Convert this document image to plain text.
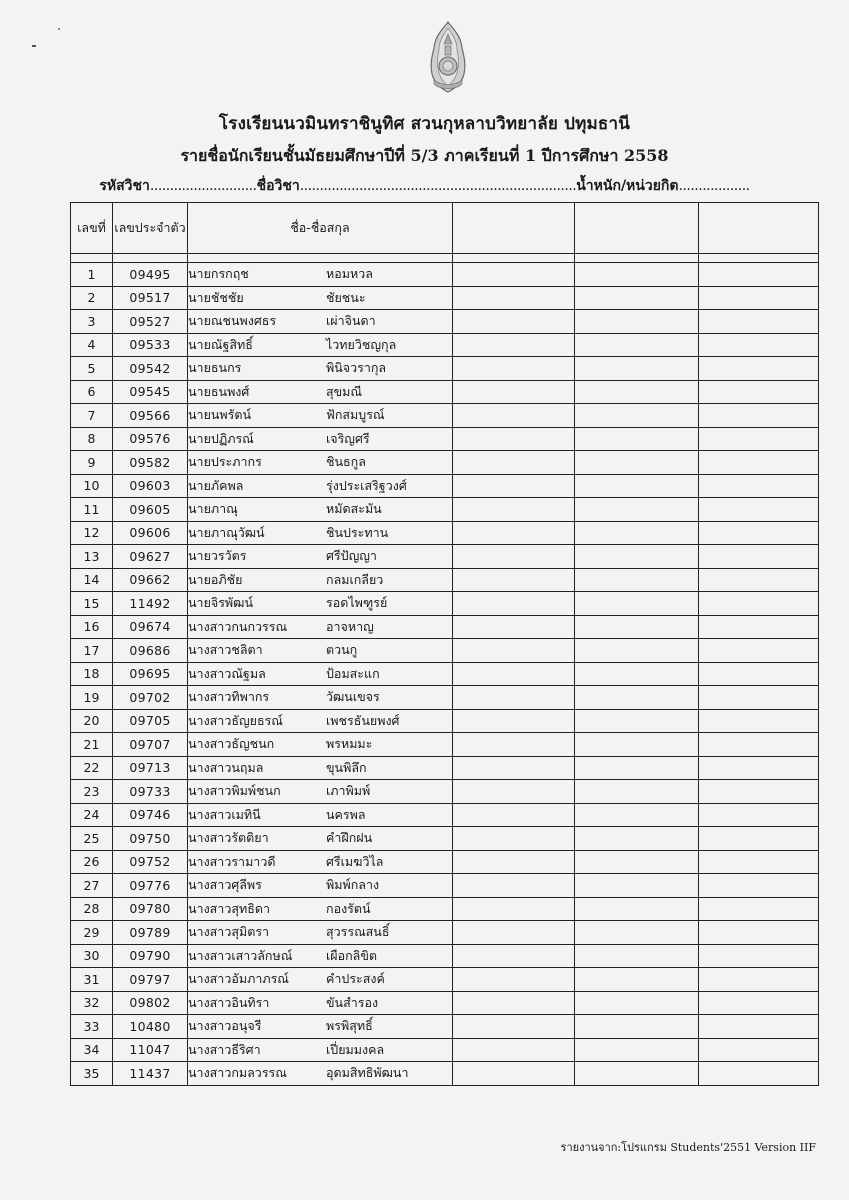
โรงเรียนนวมินทราชินูทิศ สวนกุหลาบวิทยาลัย ปทุมธานี
รายชื่อนักเรียนชั้นมัธยมศึกษาปีที่ 5/3 ภาคเรียนที่ 1 ปีการศึกษา 2558
รหัสวิชา...........................ชื่อวิชา......................................................................น้ำหนัก/หน่วยกิต..................
เลขที่	เลขประจำตัว	ชื่อ-ชื่อสกุล			

1	09495	นายกรกฤช หอมหวล			
2	09517	นายชัชชัย ชัยชนะ			
3	09527	นายณชนพงศธร เผ่าจินดา			
4	09533	นายณัฐสิทธิ์ ไวทยวิชญกุล			
5	09542	นายธนกร พินิจวรากุล			
6	09545	นายธนพงศ์ สุขมณี			
7	09566	นายนพรัตน์ ฟักสมบูรณ์			
8	09576	นายปฏิภรณ์ เจริญศรี			
9	09582	นายประภากร ชินธกูล			
10	09603	นายภัคพล รุ่งประเสริฐวงศ์			
11	09605	นายภาณุ หมัดสะมัน			
12	09606	นายภาณุวัฒน์ ชินประทาน			
13	09627	นายวรวัตร ศรีปัญญา			
14	09662	นายอภิชัย กลมเกลียว			
15	11492	นายจิรพัฒน์ รอดไพฑูรย์			
16	09674	นางสาวกนกวรรณ อาจหาญ			
17	09686	นางสาวชลิตา ตวนกู			
18	09695	นางสาวณัฐมล ป้อมสะแก			
19	09702	นางสาวทิพากร วัฒนเขจร			
20	09705	นางสาวธัญยธรณ์ เพชรธันยพงศ์			
21	09707	นางสาวธัญชนก พรหมมะ			
22	09713	นางสาวนฤมล ขุนพิลึก			
23	09733	นางสาวพิมพ์ชนก เภาพิมพ์			
24	09746	นางสาวเมทินี นครพล			
25	09750	นางสาวรัตติยา คำฝึกฝน			
26	09752	นางสาวรามาวดี ศรีเมฆวิไล			
27	09776	นางสาวศุลีพร พิมพ์กลาง			
28	09780	นางสาวสุทธิดา กองรัตน์			
29	09789	นางสาวสุมิตรา สุวรรณสนธิ์			
30	09790	นางสาวเสาวลักษณ์ เผือกลิขิต			
31	09797	นางสาวอัมภาภรณ์ คำประสงค์			
32	09802	นางสาวอินทิรา ขันสำรอง			
33	10480	นางสาวอนุจรี พรพิสุทธิ์			
34	11047	นางสาวธีริศา เปี่ยมมงคล			
35	11437	นางสาวกมลวรรณ อุดมสิทธิพัฒนา			
รายงานจาก:โปรแกรม Students'2551 Version IIF
